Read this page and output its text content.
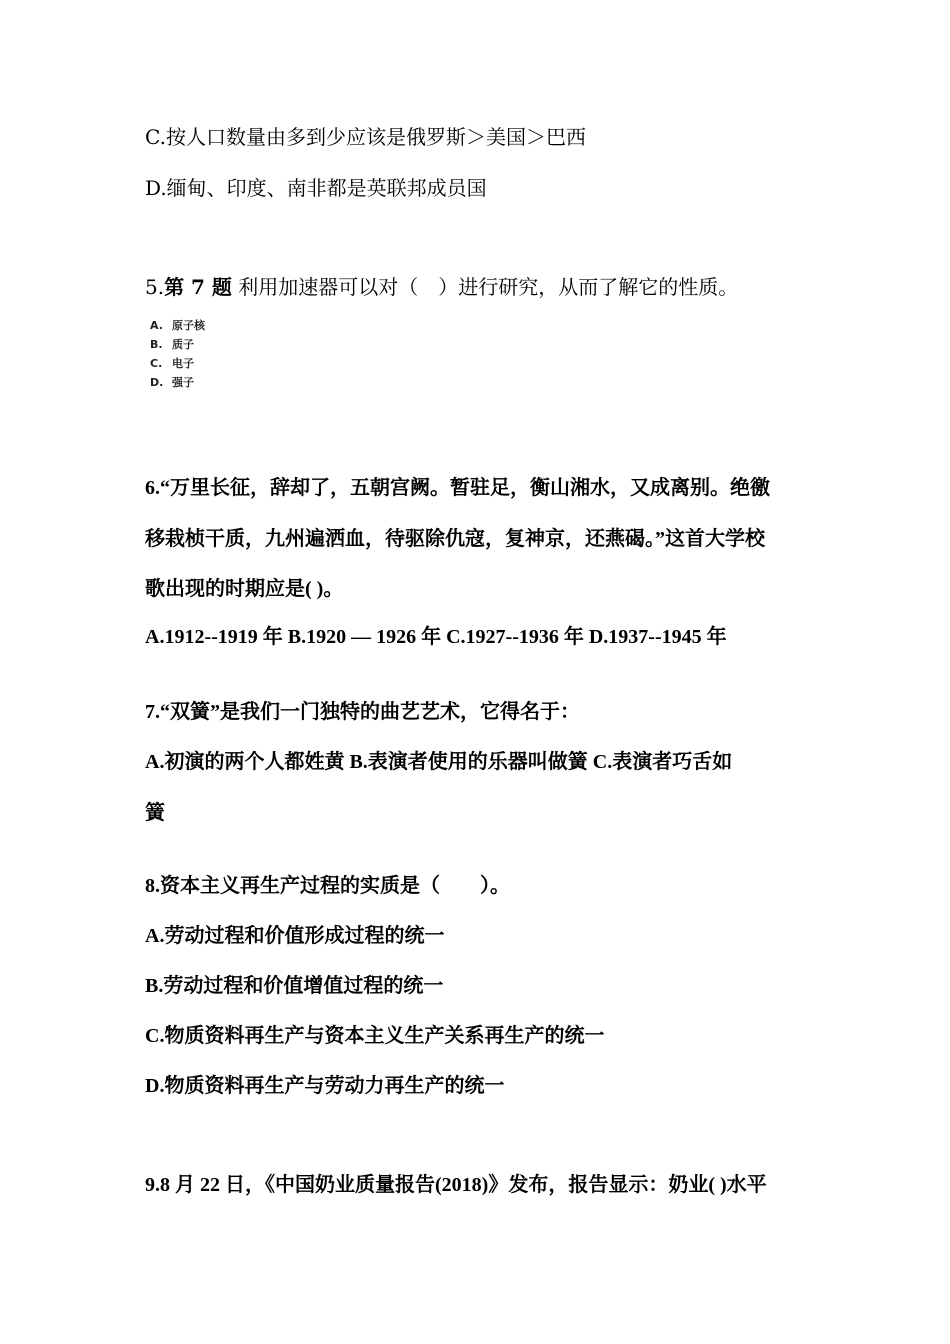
C.按人口数量由多到少应该是俄罗斯＞美国＞巴西
D.缅甸、印度、南非都是英联邦成员国
5.第 7 题 利用加速器可以对（　）进行研究，从而了解它的性质。
A. 原子核
B. 质子
C. 电子
D. 强子
6.“万里长征，辞却了，五朝宫阙。暂驻足，衡山湘水，又成离别。绝徼
移栽桢干质，九州遍洒血，待驱除仇寇，复神京，还燕碣。”这首大学校
歌出现的时期应是( )。
A.1912--1919 年 B.1920 — 1926 年 C.1927--1936 年 D.1937--1945 年
7.“双簧”是我们一门独特的曲艺艺术，它得名于：
A.初演的两个人都姓黄 B.表演者使用的乐器叫做簧 C.表演者巧舌如
簧
8.资本主义再生产过程的实质是（　　）。
A.劳动过程和价值形成过程的统一
B.劳动过程和价值增值过程的统一
C.物质资料再生产与资本主义生产关系再生产的统一
D.物质资料再生产与劳动力再生产的统一
9.8 月 22 日，《中国奶业质量报告(2018)》发布，报告显示：奶业( )水平
